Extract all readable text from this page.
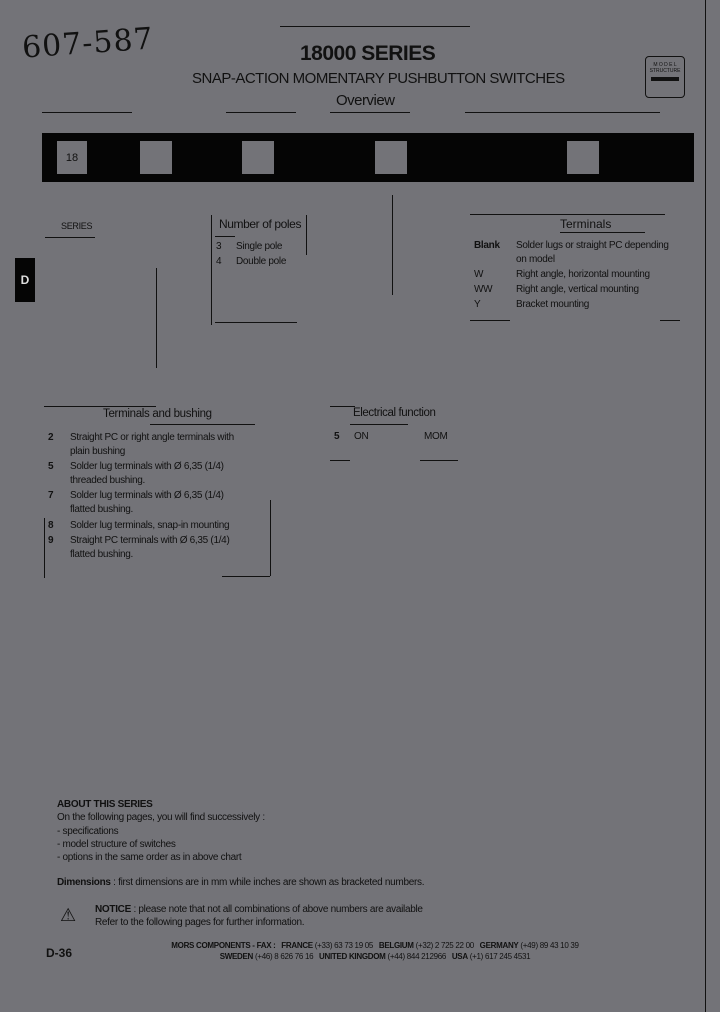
607-587	18000 SERIES
SNAP-ACTION MOMENTARY PUSHBUTTON SWITCHES
Overview
M O D E L
STRUCTURE
18
D
SERIES	Number of poles
3	Single pole
4	Double pole
Terminals
Blank	Solder lugs or straight PC depending on model
W	Right angle, horizontal mounting
WW	Right angle, vertical mounting
Y	Bracket mounting
Terminals and bushing
2	Straight PC or right angle terminals with plain bushing
5	Solder lug terminals with Ø 6,35 (1/4) threaded bushing.
7	Solder lug terminals with Ø 6,35 (1/4) flatted bushing.
8	Solder lug terminals, snap-in mounting
9	Straight PC terminals with Ø 6,35 (1/4) flatted bushing.
Electrical function
5	ON	MOM
ABOUT THIS SERIES
On the following pages, you will find successively :
- specifications
- model structure of switches
- options in the same order as in above chart
Dimensions : first dimensions are in mm while inches are shown as bracketed numbers.
⚠ NOTICE : please note that not all combinations of above numbers are available
Refer to the following pages for further information.
D-36
MORS COMPONENTS - FAX : FRANCE (+33) 63 73 19 05 BELGIUM (+32) 2 725 22 00 GERMANY (+49) 89 43 10 39
SWEDEN (+46) 8 626 76 16 UNITED KINGDOM (+44) 844 212966 USA (+1) 617 245 4531
